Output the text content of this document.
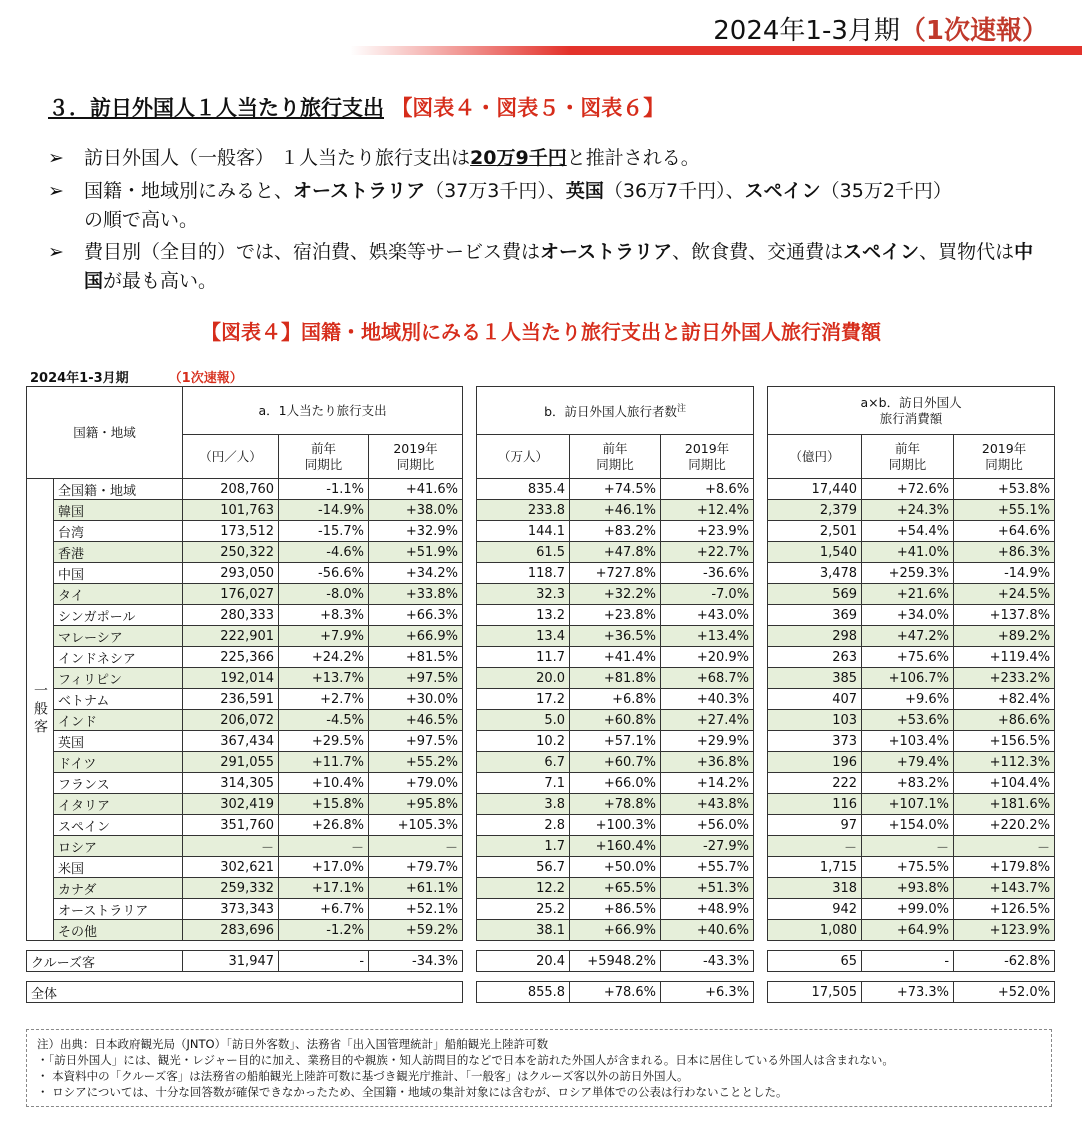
2024年1-3月期（1次速報）
３．訪日外国人１人当たり旅行支出 【図表４・図表５・図表６】
➢ 訪日外国人（一般客） １人当たり旅行支出は20万9千円と推計される。
➢ 国籍・地域別にみると、オーストラリア（37万3千円）、英国（36万7千円）、スペイン（35万2千円）
の順で高い。
➢ 費目別（全目的）では、宿泊費、娯楽等サービス費はオーストラリア、飲食費、交通費はスペイン、買物代は中国が最も高い。
【図表４】国籍・地域別にみる１人当たり旅行支出と訪日外国人旅行消費額
2024年1-3月期	（1次速報）
国籍・地域		a．1人当たり旅行支出				b．訪日外国人旅行者数$^注$				a×b．訪日外国人
旅行消費額		
		（円／人）	前年
同期比	2019年
同期比		（万人）	前年
同期比	2019年
同期比		（億円）	前年
同期比	2019年
同期比
一般客	全国籍・地域	208,760	-1.1%	+41.6%		835.4	+74.5%	+8.6%		17,440	+72.6%	+53.8%
	韓国	101,763	-14.9%	+38.0%		233.8	+46.1%	+12.4%		2,379	+24.3%	+55.1%
	台湾	173,512	-15.7%	+32.9%		144.1	+83.2%	+23.9%		2,501	+54.4%	+64.6%
	香港	250,322	-4.6%	+51.9%		61.5	+47.8%	+22.7%		1,540	+41.0%	+86.3%
	中国	293,050	-56.6%	+34.2%		118.7	+727.8%	-36.6%		3,478	+259.3%	-14.9%
	タイ	176,027	-8.0%	+33.8%		32.3	+32.2%	-7.0%		569	+21.6%	+24.5%
	シンガポール	280,333	+8.3%	+66.3%		13.2	+23.8%	+43.0%		369	+34.0%	+137.8%
	マレーシア	222,901	+7.9%	+66.9%		13.4	+36.5%	+13.4%		298	+47.2%	+89.2%
	インドネシア	225,366	+24.2%	+81.5%		11.7	+41.4%	+20.9%		263	+75.6%	+119.4%
	フィリピン	192,014	+13.7%	+97.5%		20.0	+81.8%	+68.7%		385	+106.7%	+233.2%
	ベトナム	236,591	+2.7%	+30.0%		17.2	+6.8%	+40.3%		407	+9.6%	+82.4%
	インド	206,072	-4.5%	+46.5%		5.0	+60.8%	+27.4%		103	+53.6%	+86.6%
	英国	367,434	+29.5%	+97.5%		10.2	+57.1%	+29.9%		373	+103.4%	+156.5%
	ドイツ	291,055	+11.7%	+55.2%		6.7	+60.7%	+36.8%		196	+79.4%	+112.3%
	フランス	314,305	+10.4%	+79.0%		7.1	+66.0%	+14.2%		222	+83.2%	+104.4%
	イタリア	302,419	+15.8%	+95.8%		3.8	+78.8%	+43.8%		116	+107.1%	+181.6%
	スペイン	351,760	+26.8%	+105.3%		2.8	+100.3%	+56.0%		97	+154.0%	+220.2%
	ロシア	－	－	－		1.7	+160.4%	-27.9%		－	－	－
	米国	302,621	+17.0%	+79.7%		56.7	+50.0%	+55.7%		1,715	+75.5%	+179.8%
	カナダ	259,332	+17.1%	+61.1%		12.2	+65.5%	+51.3%		318	+93.8%	+143.7%
	オーストラリア	373,343	+6.7%	+52.1%		25.2	+86.5%	+48.9%		942	+99.0%	+126.5%
	その他	283,696	-1.2%	+59.2%		38.1	+66.9%	+40.6%		1,080	+64.9%	+123.9%

クルーズ客		31,947	-	-34.3%		20.4	+5948.2%	-43.3%		65	-	-62.8%

全体						855.8	+78.6%	+6.3%		17,505	+73.3%	+52.0%
注）出典：日本政府観光局（JNTO）「訪日外客数」、法務省「出入国管理統計」船舶観光上陸許可数
・「訪日外国人」には、観光・レジャー目的に加え、業務目的や親族・知人訪問目的などで日本を訪れた外国人が含まれる。日本に居住している外国人は含まれない。
・ 本資料中の「クルーズ客」は法務省の船舶観光上陸許可数に基づき観光庁推計、「一般客」はクルーズ客以外の訪日外国人。
・ ロシアについては、十分な回答数が確保できなかったため、全国籍・地域の集計対象には含むが、ロシア単体での公表は行わないこととした。
